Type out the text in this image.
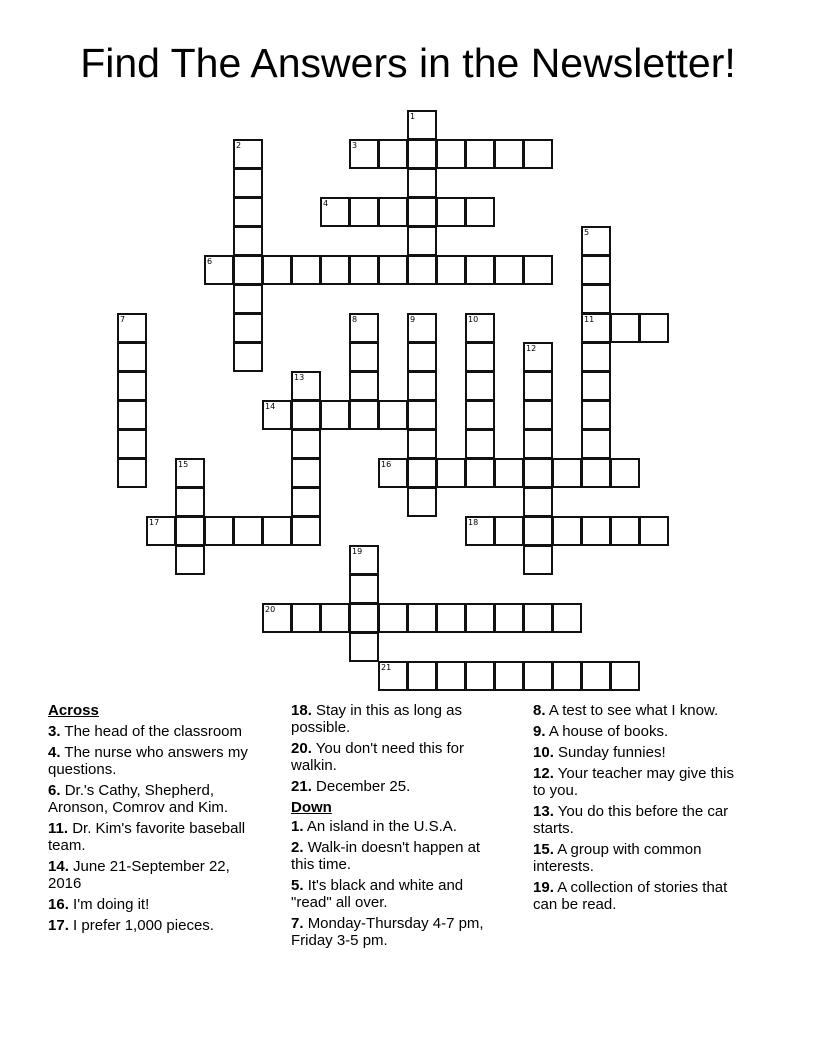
Find The Answers in the Newsletter!
1
2	3
4
5
11
6
7	8	9	10
12
13
14
15	16
17	18
19
20
21
Across
3. The head of the classroom
4. The nurse who answers my questions.
6. Dr.'s Cathy, Shepherd, Aronson, Comrov and Kim.
11. Dr. Kim's favorite baseball team.
14. June 21-September 22, 2016
16. I'm doing it!
17. I prefer 1,000 pieces.
18. Stay in this as long as possible.
20. You don't need this for walkin.
21. December 25.
Down
1. An island in the U.S.A.
2. Walk-in doesn't happen at this time.
5. It's black and white and "read" all over.
7. Monday-Thursday 4-7 pm, Friday 3-5 pm.
8. A test to see what I know.
9. A house of books.
10. Sunday funnies!
12. Your teacher may give this to you.
13. You do this before the car starts.
15. A group with common interests.
19. A collection of stories that can be read.
